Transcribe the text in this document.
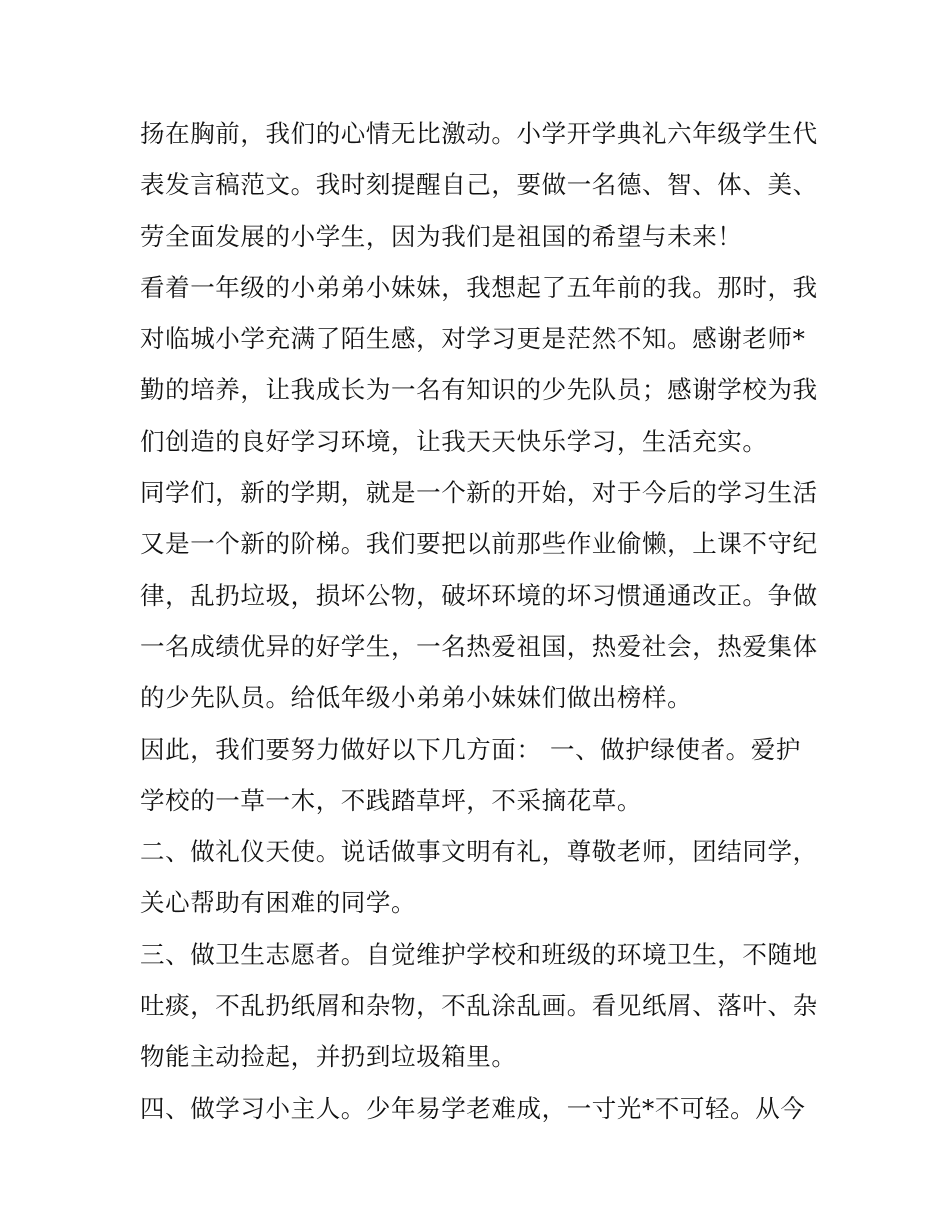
扬在胸前，我们的心情无比激动。小学开学典礼六年级学生代
表发言稿范文。我时刻提醒自己，要做一名德、智、体、美、
劳全面发展的小学生，因为我们是祖国的希望与未来！
看着一年级的小弟弟小妹妹，我想起了五年前的我。那时，我
对临城小学充满了陌生感，对学习更是茫然不知。感谢老师*
勤的培养，让我成长为一名有知识的少先队员；感谢学校为我
们创造的良好学习环境，让我天天快乐学习，生活充实。
同学们，新的学期，就是一个新的开始，对于今后的学习生活
又是一个新的阶梯。我们要把以前那些作业偷懒，上课不守纪
律，乱扔垃圾，损坏公物，破坏环境的坏习惯通通改正。争做
一名成绩优异的好学生，一名热爱祖国，热爱社会，热爱集体
的少先队员。给低年级小弟弟小妹妹们做出榜样。
因此，我们要努力做好以下几方面： 一、做护绿使者。爱护
学校的一草一木，不践踏草坪，不采摘花草。
二、做礼仪天使。说话做事文明有礼，尊敬老师，团结同学，
关心帮助有困难的同学。
三、做卫生志愿者。自觉维护学校和班级的环境卫生，不随地
吐痰，不乱扔纸屑和杂物，不乱涂乱画。看见纸屑、落叶、杂
物能主动捡起，并扔到垃圾箱里。
四、做学习小主人。少年易学老难成，一寸光*不可轻。从今
